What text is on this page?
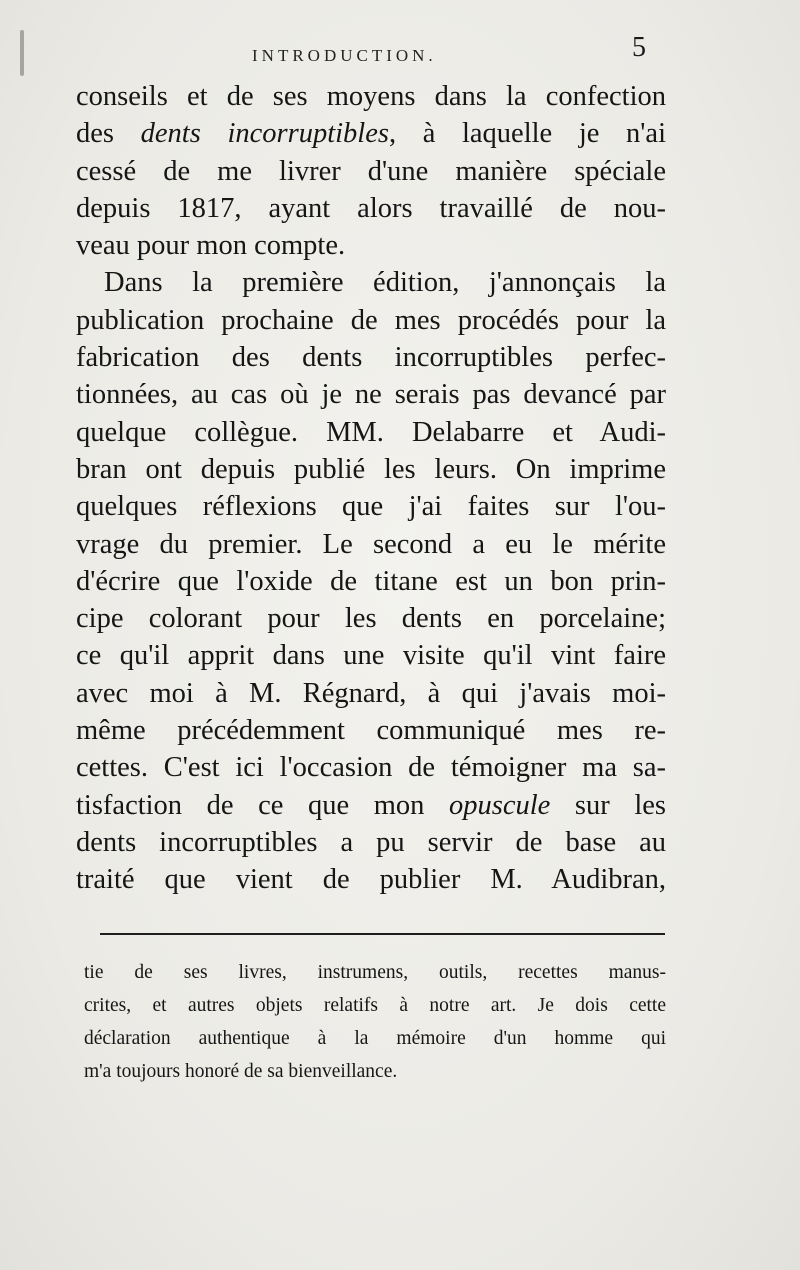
INTRODUCTION.	5
conseils et de ses moyens dans la confection
des dents incorruptibles, à laquelle je n'ai
cessé de me livrer d'une manière spéciale
depuis 1817, ayant alors travaillé de nou-
veau pour mon compte.
Dans la première édition, j'annonçais la
publication prochaine de mes procédés pour la
fabrication des dents incorruptibles perfec-
tionnées, au cas où je ne serais pas devancé par
quelque collègue. MM. Delabarre et Audi-
bran ont depuis publié les leurs. On imprime
quelques réflexions que j'ai faites sur l'ou-
vrage du premier. Le second a eu le mérite
d'écrire que l'oxide de titane est un bon prin-
cipe colorant pour les dents en porcelaine;
ce qu'il apprit dans une visite qu'il vint faire
avec moi à M. Régnard, à qui j'avais moi-
même précédemment communiqué mes re-
cettes. C'est ici l'occasion de témoigner ma sa-
tisfaction de ce que mon opuscule sur les
dents incorruptibles a pu servir de base au
traité que vient de publier M. Audibran,
tie de ses livres, instrumens, outils, recettes manus-
crites, et autres objets relatifs à notre art. Je dois cette
déclaration authentique à la mémoire d'un homme qui
m'a toujours honoré de sa bienveillance.
